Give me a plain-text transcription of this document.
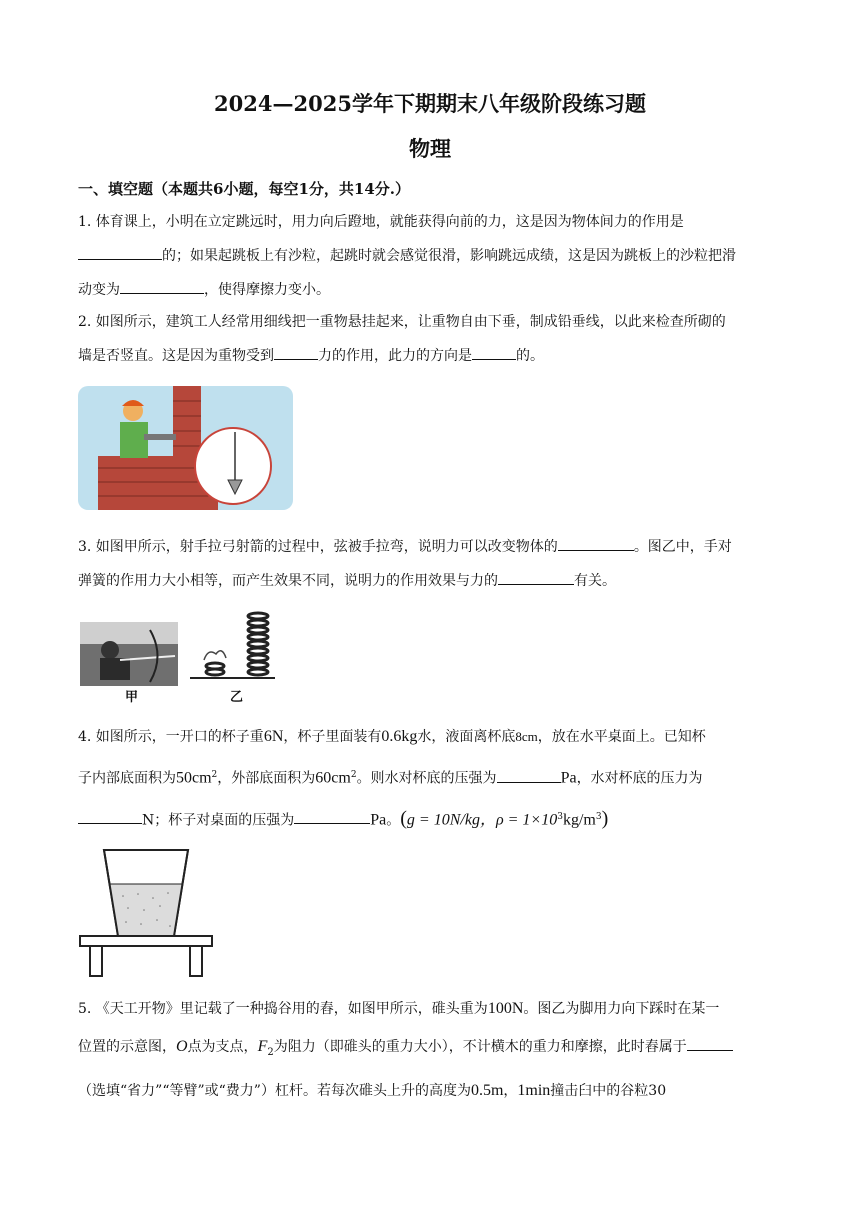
2024—2025学年下期期末八年级阶段练习题
物理
一、填空题（本题共6小题，每空1分，共14分.）
1. 体育课上，小明在立定跳远时，用力向后蹬地，就能获得向前的力，这是因为物体间力的作用是
的；如果起跳板上有沙粒，起跳时就会感觉很滑，影响跳远成绩，这是因为跳板上的沙粒把滑
动变为	，使得摩擦力变小。
2. 如图所示，建筑工人经常用细线把一重物悬挂起来，让重物自由下垂，制成铅垂线，以此来检查所砌的
墙是否竖直。这是因为重物受到	力的作用，此力的方向是	的。
3. 如图甲所示，射手拉弓射箭的过程中，弦被手拉弯，说明力可以改变物体的	。图乙中，手对
弹簧的作用力大小相等，而产生效果不同，说明力的作用效果与力的	有关。
甲	乙
4. 如图所示，一开口的杯子重6N，杯子里面装有0.6kg水，液面离杯底8cm，放在水平桌面上。已知杯
子内部底面积为$50cm^2$，外部底面积为$60cm^2$。则水对杯底的压强为	Pa，水对杯底的压力为
N；杯子对桌面的压强为	Pa。(g = 10N/kg，$\rho = 1\times 10^3kg/m^3$)
5. 《天工开物》里记载了一种捣谷用的舂，如图甲所示，碓头重为100N。图乙为脚用力向下踩时在某一
位置的示意图，O点为支点，$F_2$为阻力（即碓头的重力大小），不计横木的重力和摩擦，此时舂属于
（选填“省力”“等臂”或“费力”）杠杆。若每次碓头上升的高度为0.5m，1min撞击臼中的谷粒30
